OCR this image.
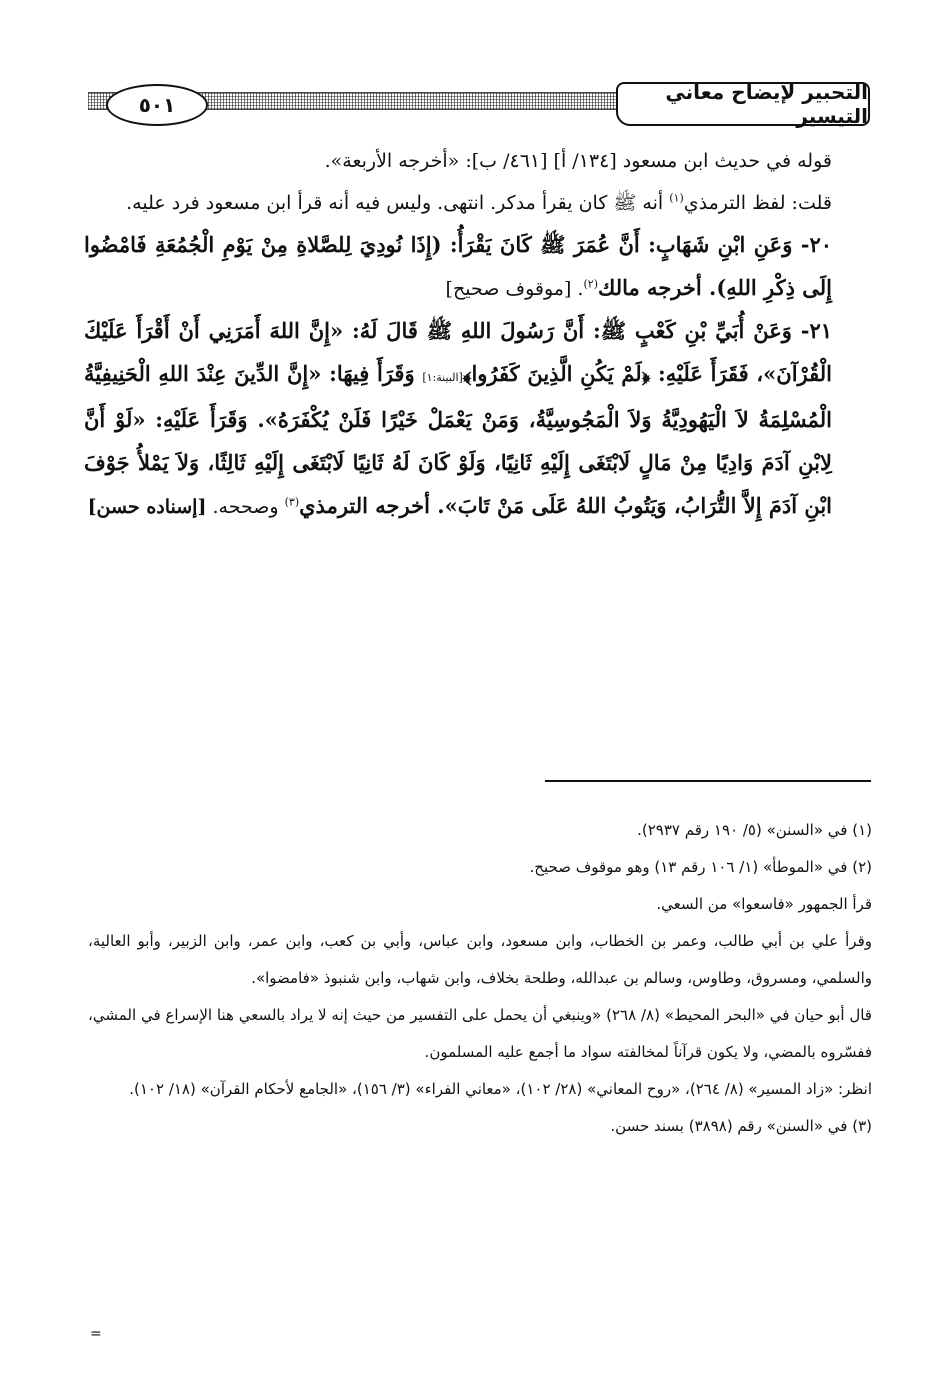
٥٠١
التحبير لإيضاح معاني التيسير

قوله في حديث ابن مسعود [١٣٤/ أ] [٤٦١/ ب]: «أخرجه الأربعة».

قلت: لفظ الترمذي$^{(١)}$ أنه ﷺ كان يقرأ مدكر. انتهى. وليس فيه أنه قرأ ابن مسعود فرد عليه.

٢٠- وَعَنِ ابْنِ شَهَابٍ: أَنَّ عُمَرَ ﷺ كَانَ يَقْرَأُ: (إِذَا نُودِيَ لِلصَّلاةِ مِنْ يَوْمِ الْجُمُعَةِ فَامْضُوا إِلَى ذِكْرِ اللهِ). أخرجه مالك$^{(٢)}$. [موقوف صحيح]

٢١- وَعَنْ أُبَيِّ بْنِ كَعْبٍ ﷺ: أَنَّ رَسُولَ اللهِ ﷺ قَالَ لَهُ: «إِنَّ اللهَ أَمَرَنِي أَنْ أَقْرَأَ عَلَيْكَ الْقُرْآنَ»، فَقَرَأَ عَلَيْهِ: ﴿لَمْ يَكُنِ الَّذِينَ كَفَرُوا﴾[البينة:١] وَقَرَأَ فِيهَا: «إِنَّ الدِّينَ عِنْدَ اللهِ الْحَنِيفِيَّةُ الْمُسْلِمَةُ لاَ الْيَهُودِيَّةُ وَلاَ الْمَجُوسِيَّةُ، وَمَنْ يَعْمَلْ خَيْرًا فَلَنْ يُكْفَرَهُ». وَقَرَأَ عَلَيْهِ: «لَوْ أَنَّ لِابْنِ آدَمَ وَادِيًا مِنْ مَالٍ لَابْتَغَى إِلَيْهِ ثَانِيًا، وَلَوْ كَانَ لَهُ ثَانِيًا لَابْتَغَى إِلَيْهِ ثَالِثًا، وَلاَ يَمْلأُ جَوْفَ ابْنِ آدَمَ إِلاَّ التُّرَابُ، وَيَتُوبُ اللهُ عَلَى مَنْ تَابَ». أخرجه الترمذي$^{(٣)}$ وصححه. [إسناده حسن]

(١) في «السنن» (٥/ ١٩٠ رقم ٢٩٣٧).

(٢) في «الموطأ» (١/ ١٠٦ رقم ١٣) وهو موقوف صحيح.

قرأ الجمهور «فاسعوا» من السعي.

وقرأ علي بن أبي طالب، وعمر بن الخطاب، وابن مسعود، وابن عباس، وأبي بن كعب، وابن عمر، وابن الزبير، وأبو العالية، والسلمي، ومسروق، وطاوس، وسالم بن عبدالله، وطلحة بخلاف، وابن شهاب، وابن شنبوذ «فامضوا».

قال أبو حيان في «البحر المحيط» (٨/ ٢٦٨) «وينبغي أن يحمل على التفسير من حيث إنه لا يراد بالسعي هنا الإسراع في المشي، ففسّروه بالمضي، ولا يكون قرآناً لمخالفته سواد ما أجمع عليه المسلمون.

انظر: «زاد المسير» (٨/ ٢٦٤)، «روح المعاني» (٢٨/ ١٠٢)، «معاني الفراء» (٣/ ١٥٦)، «الجامع لأحكام القرآن» (١٨/ ١٠٢).

(٣) في «السنن» رقم (٣٨٩٨) بسند حسن.

=
